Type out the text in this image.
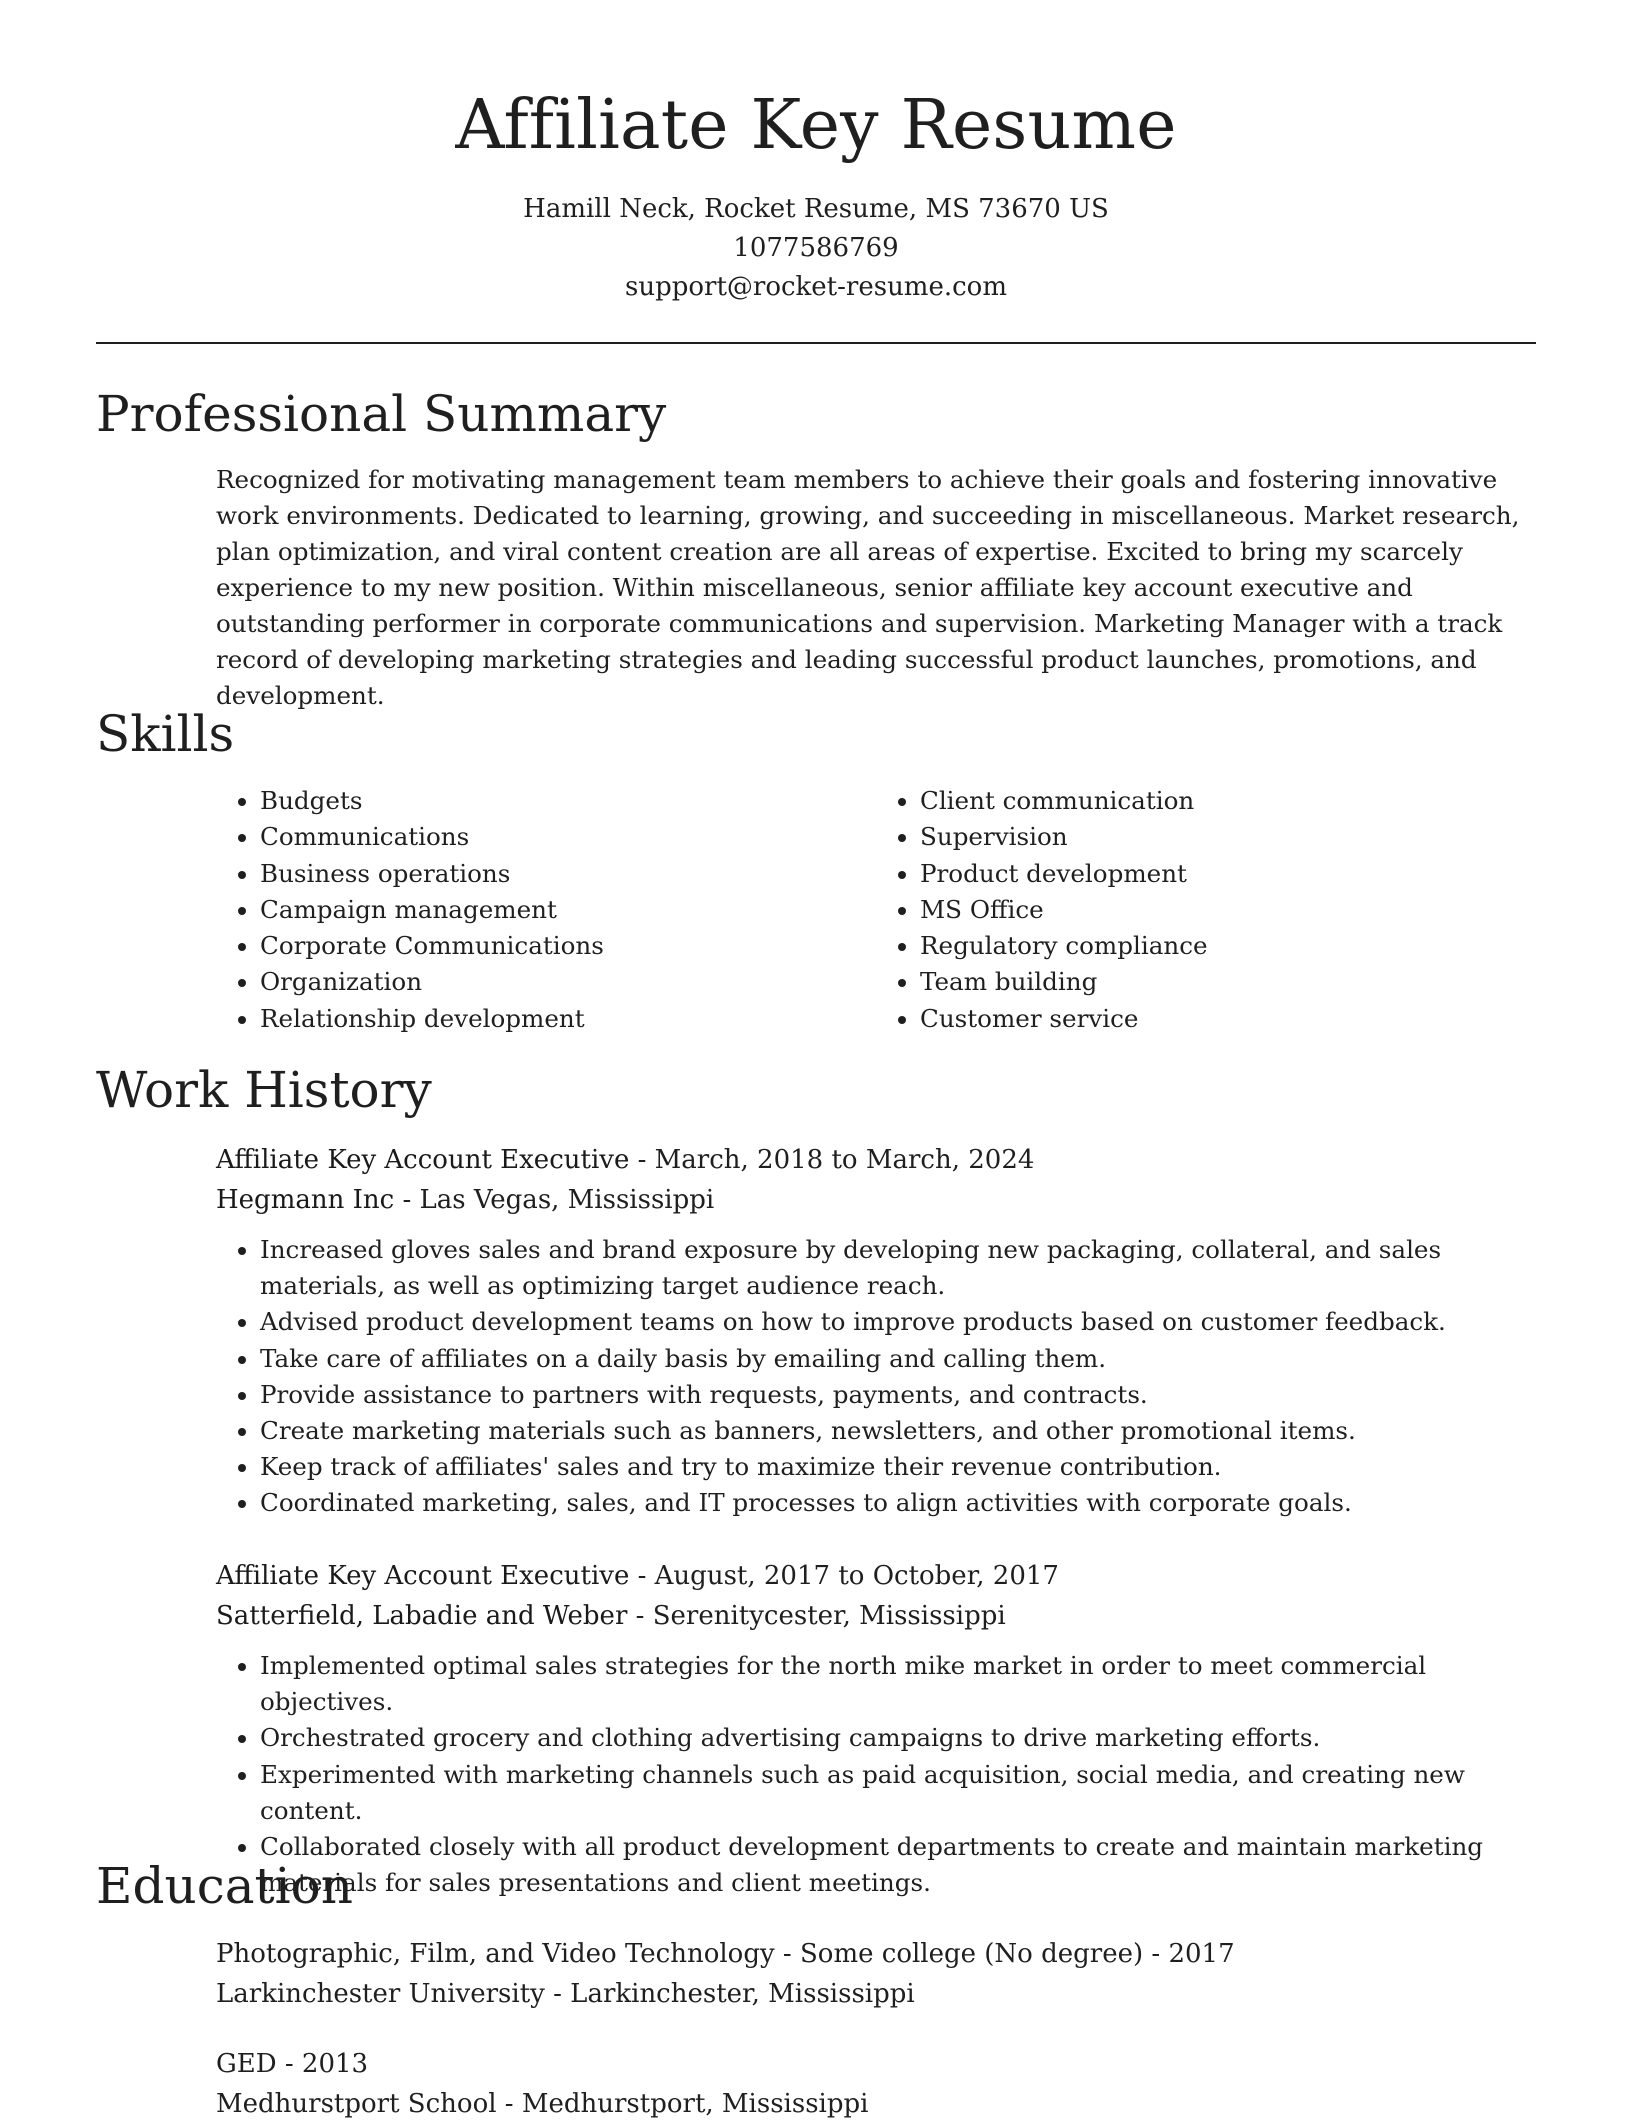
Affiliate Key Resume
Hamill Neck, Rocket Resume, MS 73670 US
1077586769
support@rocket-resume.com
Professional Summary

Recognized for motivating management team members to achieve their goals and fostering innovative work environments. Dedicated to learning, growing, and succeeding in miscellaneous. Market research, plan optimization, and viral content creation are all areas of expertise. Excited to bring my scarcely experience to my new position. Within miscellaneous, senior affiliate key account executive and outstanding performer in corporate communications and supervision. Marketing Manager with a track record of developing marketing strategies and leading successful product launches, promotions, and development.

Skills
• Budgets
• Communications
• Business operations
• Campaign management
• Corporate Communications
• Organization
• Relationship development
• Client communication
• Supervision
• Product development
• MS Office
• Regulatory compliance
• Team building
• Customer service
Work History
Affiliate Key Account Executive - March, 2018 to March, 2024
Hegmann Inc - Las Vegas, Mississippi
• Increased gloves sales and brand exposure by developing new packaging, collateral, and sales materials, as well as optimizing target audience reach.
• Advised product development teams on how to improve products based on customer feedback.
• Take care of affiliates on a daily basis by emailing and calling them.
• Provide assistance to partners with requests, payments, and contracts.
• Create marketing materials such as banners, newsletters, and other promotional items.
• Keep track of affiliates' sales and try to maximize their revenue contribution.
• Coordinated marketing, sales, and IT processes to align activities with corporate goals.
Affiliate Key Account Executive - August, 2017 to October, 2017
Satterfield, Labadie and Weber - Serenitycester, Mississippi
• Implemented optimal sales strategies for the north mike market in order to meet commercial objectives.
• Orchestrated grocery and clothing advertising campaigns to drive marketing efforts.
• Experimented with marketing channels such as paid acquisition, social media, and creating new content.
• Collaborated closely with all product development departments to create and maintain marketing materials for sales presentations and client meetings.
Education
Photographic, Film, and Video Technology - Some college (No degree) - 2017
Larkinchester University - Larkinchester, Mississippi
GED - 2013
Medhurstport School - Medhurstport, Mississippi
